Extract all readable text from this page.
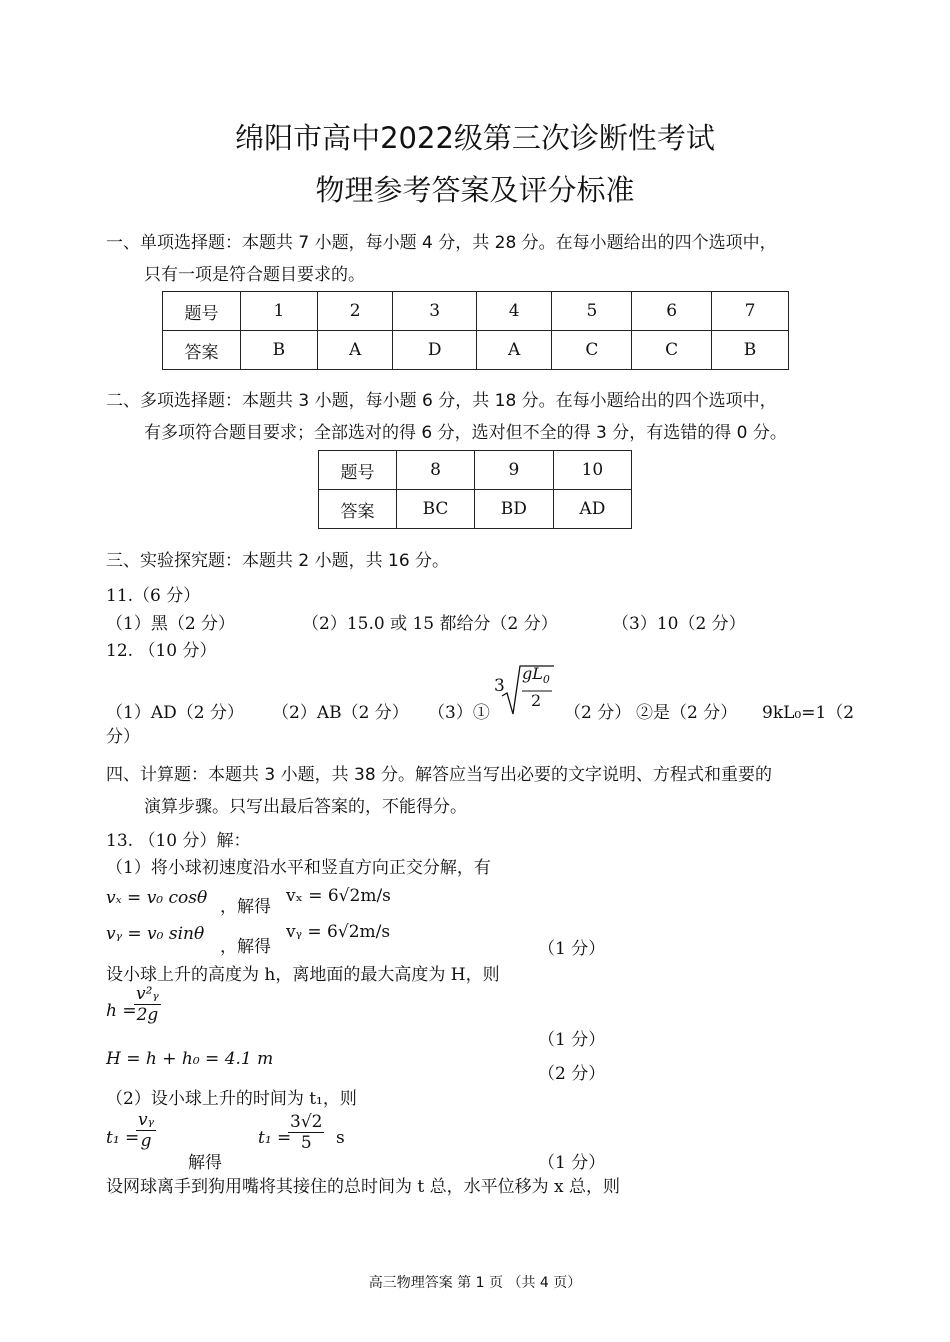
绵阳市高中2022级第三次诊断性考试
物理参考答案及评分标准
一、单项选择题：本题共 7 小题，每小题 4 分，共 28 分。在每小题给出的四个选项中，
只有一项是符合题目要求的。
题号	1	2	3	4	5	6	7
答案	B	A	D	A	C	C	B
二、多项选择题：本题共 3 小题，每小题 6 分，共 18 分。在每小题给出的四个选项中，
有多项符合题目要求；全部选对的得 6 分，选对但不全的得 3 分，有选错的得 0 分。
题号	8	9	10
答案	BC	BD	AD
三、实验探究题：本题共 2 小题，共 16 分。
11.（6 分）
（1）黑（2 分）	（2）15.0 或 15 都给分（2 分）	（3）10（2 分）
12. （10 分）
（1）AD（2 分） （2）AB（2 分） （3）①
3
$gL_0$
2
（2 分） ②是（2 分） 9kL₀=1（2
分）
四、计算题：本题共 3 小题，共 38 分。解答应当写出必要的文字说明、方程式和重要的
演算步骤。只写出最后答案的，不能得分。
13. （10 分）解：
（1）将小球初速度沿水平和竖直方向正交分解，有
vₓ = v₀ cosθ ，解得
vₓ = 6√2m/s
vᵧ = v₀ sinθ
，解得
vᵧ = 6√2m/s
（1 分）
设小球上升的高度为 h，离地面的最大高度为 H，则
h =
$\frac{\text{v²ᵧ}}{2g}$
（1 分）
H = h + h₀ = 4.1 m
（2 分）
（2）设小球上升的时间为 t₁，则
t₁ =
$\frac{\text{vᵧ}}{g}$
解得
t₁ =
$\frac{3√2}{5}$ s
（1 分）
设网球离手到狗用嘴将其接住的总时间为 t 总，水平位移为 x 总，则
高三物理答案 第 1 页 （共 4 页）
